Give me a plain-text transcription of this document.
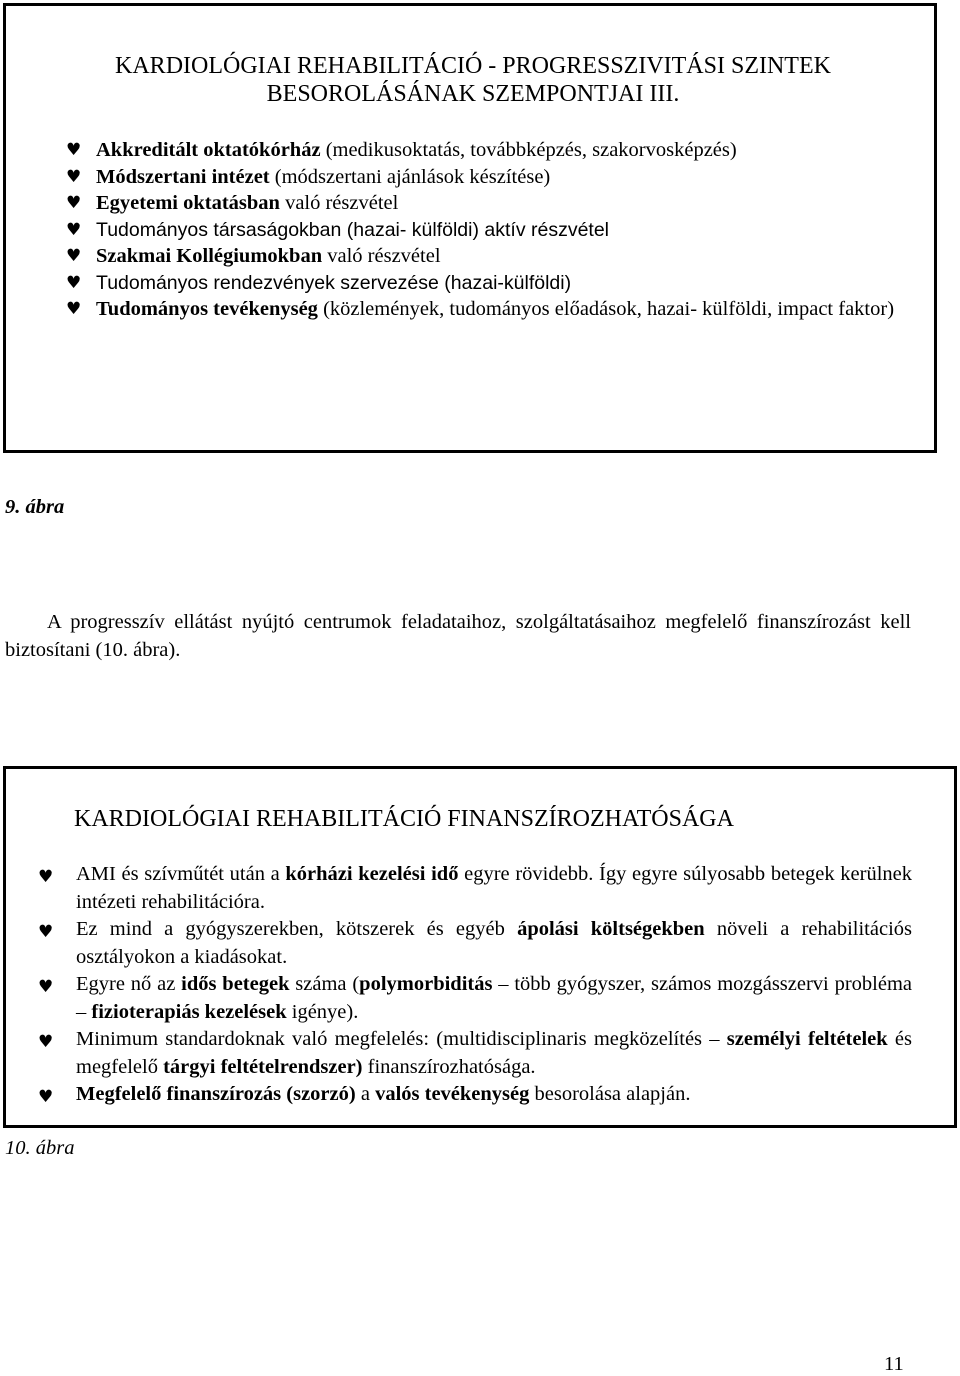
KARDIOLÓGIAI REHABILITÁCIÓ - PROGRESSZIVITÁSI SZINTEK
BESOROLÁSÁNAK SZEMPONTJAI III.
♥ Akkreditált oktatókórház (medikusoktatás, továbbképzés, szakorvosképzés)
♥ Módszertani intézet (módszertani ajánlások készítése)
♥ Egyetemi oktatásban való részvétel
♥ Tudományos társaságokban (hazai- külföldi) aktív részvétel
♥ Szakmai Kollégiumokban való részvétel
♥ Tudományos rendezvények szervezése (hazai-külföldi)
♥ Tudományos tevékenység (közlemények, tudományos előadások, hazai- külföldi, impact faktor)
9. ábra

A progresszív ellátást nyújtó centrumok feladataihoz, szolgáltatásaihoz megfelelő finanszírozást kell biztosítani (10. ábra).

KARDIOLÓGIAI REHABILITÁCIÓ FINANSZÍROZHATÓSÁGA
♥ AMI és szívműtét után a kórházi kezelési idő egyre rövidebb. Így egyre súlyosabb betegek kerülnek intézeti rehabilitációra.
♥ Ez mind a gyógyszerekben, kötszerek és egyéb ápolási költségekben növeli a rehabilitációs osztályokon a kiadásokat.
♥ Egyre nő az idős betegek száma (polymorbiditás – több gyógyszer, számos mozgásszervi probléma – fizioterapiás kezelések igénye).
♥ Minimum standardoknak való megfelelés: (multidisciplinaris megközelítés – személyi feltételek és megfelelő tárgyi feltételrendszer) finanszírozhatósága.
♥ Megfelelő finanszírozás (szorzó) a valós tevékenység besorolása alapján.
10. ábra
11
